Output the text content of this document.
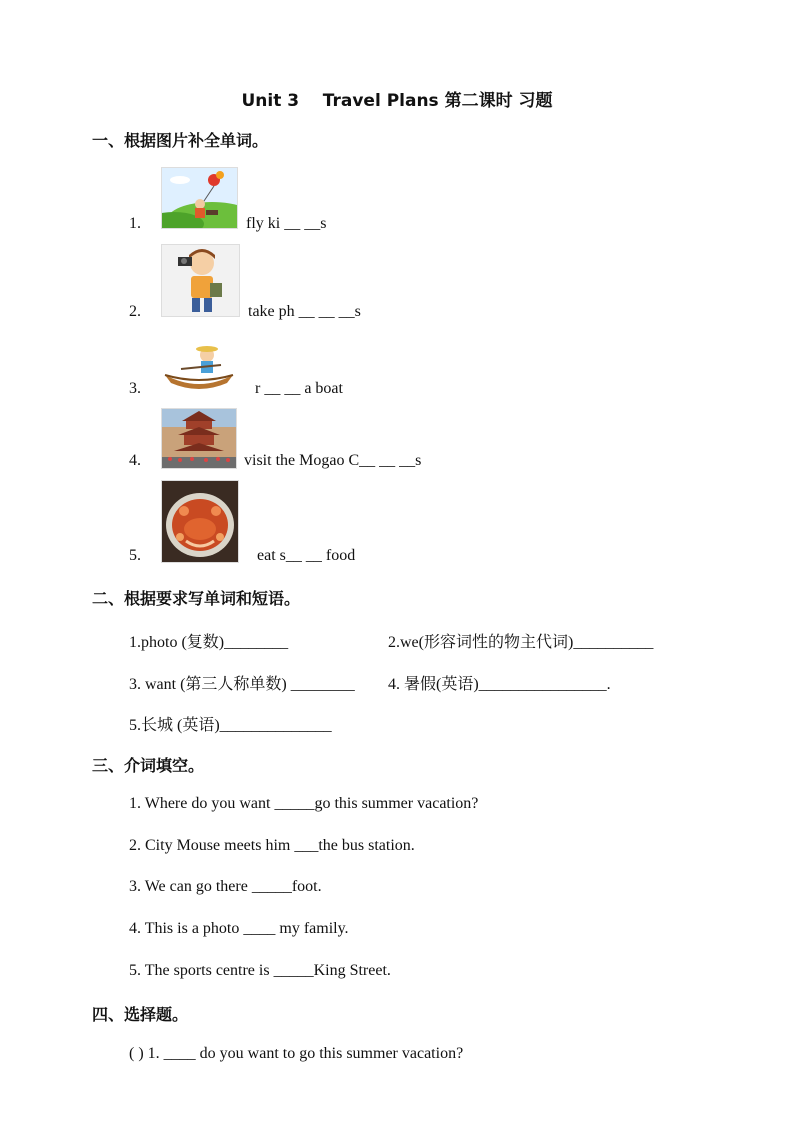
Unit 3    Travel Plans 第二课时 习题
一、根据图片补全单词。
1.	fly ki __ __s
2.	take ph __ __ __s
3.	r __ __ a boat
4.	visit the Mogao C__ __ __s
5.	eat s__ __ food
二、根据要求写单词和短语。
1.photo (复数)________	2.we(形容词性的物主代词)__________
3. want (第三人称单数) ________ 4. 暑假(英语)________________.
5.长城 (英语)______________
三、介词填空。
1. Where do you want _____go this summer vacation?
2. City Mouse meets him ___the bus station.
3. We can go there _____foot.
4. This is a photo ____ my family.
5. The sports centre is _____King Street.
四、选择题。
( ) 1. ____ do you want to go this summer vacation?
